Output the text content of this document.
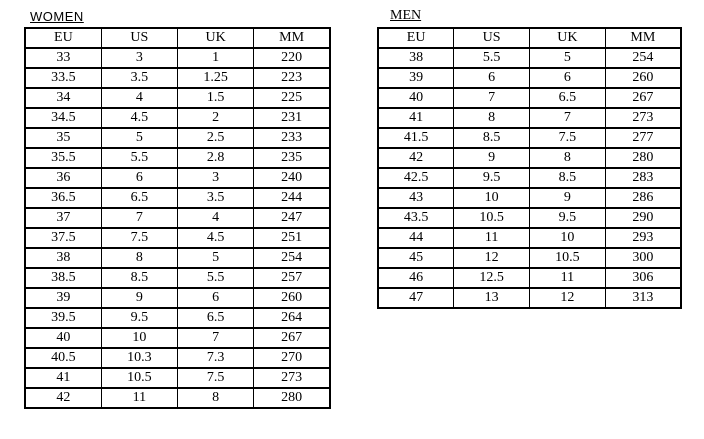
WOMEN
EU	US	UK	MM
33	3	1	220
33.5	3.5	1.25	223
34	4	1.5	225
34.5	4.5	2	231
35	5	2.5	233
35.5	5.5	2.8	235
36	6	3	240
36.5	6.5	3.5	244
37	7	4	247
37.5	7.5	4.5	251
38	8	5	254
38.5	8.5	5.5	257
39	9	6	260
39.5	9.5	6.5	264
40	10	7	267
40.5	10.3	7.3	270
41	10.5	7.5	273
42	11	8	280
MEN
EU	US	UK	MM
38	5.5	5	254
39	6	6	260
40	7	6.5	267
41	8	7	273
41.5	8.5	7.5	277
42	9	8	280
42.5	9.5	8.5	283
43	10	9	286
43.5	10.5	9.5	290
44	11	10	293
45	12	10.5	300
46	12.5	11	306
47	13	12	313
